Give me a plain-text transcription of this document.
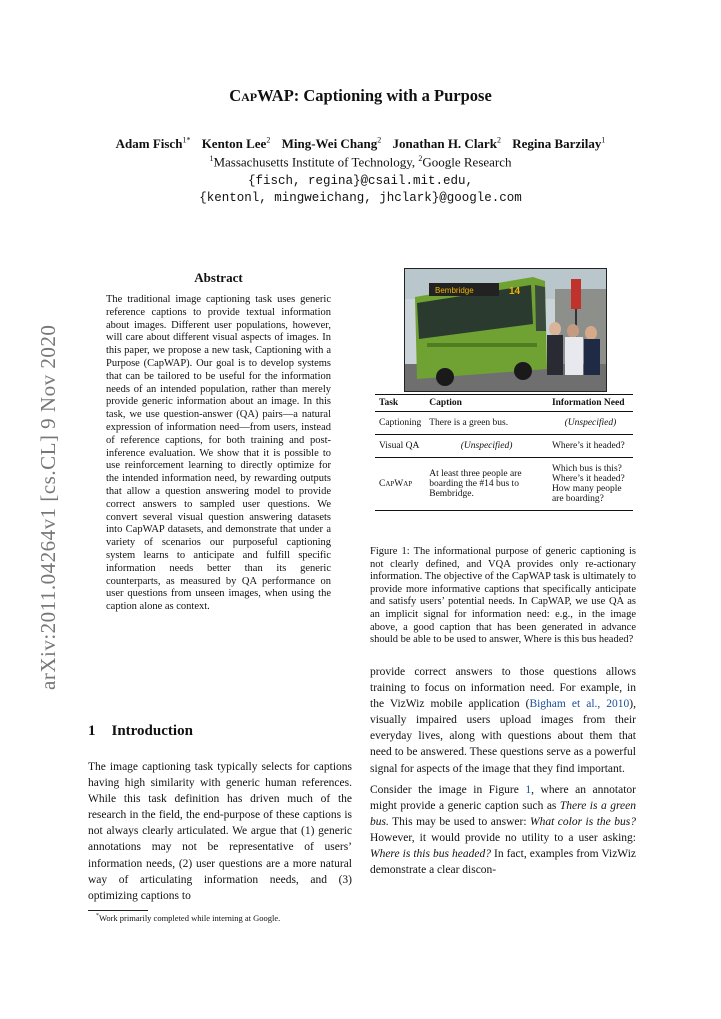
arXiv:2011.04264v1 [cs.CL] 9 Nov 2020
CapWAP: Captioning with a Purpose
Adam Fisch$^{1*}$ Kenton Lee$^2$ Ming-Wei Chang$^2$ Jonathan H. Clark$^2$ Regina Barzilay$^1$
$^1$Massachusetts Institute of Technology, $^2$Google Research
{fisch, regina}@csail.mit.edu,
{kentonl, mingweichang, jhclark}@google.com
Abstract
The traditional image captioning task uses generic reference captions to provide textual information about images. Different user populations, however, will care about different visual aspects of images. In this paper, we propose a new task, Captioning with a Purpose (CapWAP). Our goal is to develop systems that can be tailored to be useful for the information needs of an intended population, rather than merely provide generic information about an image. In this task, we use question-answer (QA) pairs—a natural expression of information need—from users, instead of reference captions, for both training and post-inference evaluation. We show that it is possible to use reinforcement learning to directly optimize for the intended information need, by rewarding outputs that allow a question answering model to provide correct answers to sampled user questions. We convert several visual question answering datasets into CapWAP datasets, and demonstrate that under a variety of scenarios our purposeful captioning system learns to anticipate and fulfill specific information needs better than its generic counterparts, as measured by QA performance on user questions from unseen images, when using the caption alone as context.
1 Introduction
The image captioning task typically selects for captions having high similarity with generic human references. While this task definition has driven much of the research in the field, the end-purpose of these captions is not always clearly articulated. We argue that (1) generic annotations may not be representative of users’ information needs, (2) user questions are a more natural way of articulating information needs, and (3) optimizing captions to
*Work primarily completed while interning at Google.
Bembridge	14
Task	Caption	Information Need
Captioning	There is a green bus.	(Unspecified)
Visual QA	(Unspecified)	Where’s it headed?
CapWap	At least three people are boarding the #14 bus to Bembridge.	Which bus is this?
Where’s it headed?
How many people are boarding?
Figure 1: The informational purpose of generic captioning is not clearly defined, and VQA provides only re-actionary information. The objective of the CapWAP task is ultimately to provide more informative captions that specifically anticipate and satisfy users’ potential needs. In CapWAP, we use QA as an implicit signal for information need: e.g., in the image above, a good caption that has been generated in advance should be able to be used to answer, Where is this bus headed?

provide correct answers to those questions allows training to focus on information need. For example, in the VizWiz mobile application (Bigham et al., 2010), visually impaired users upload images from their everyday lives, along with questions about them that need to be answered. These questions serve as a powerful signal for aspects of the image that they find important.

Consider the image in Figure 1, where an annotator might provide a generic caption such as There is a green bus. This may be used to answer: What color is the bus? However, it would provide no utility to a user asking: Where is this bus headed? In fact, examples from VizWiz demonstrate a clear discon-
